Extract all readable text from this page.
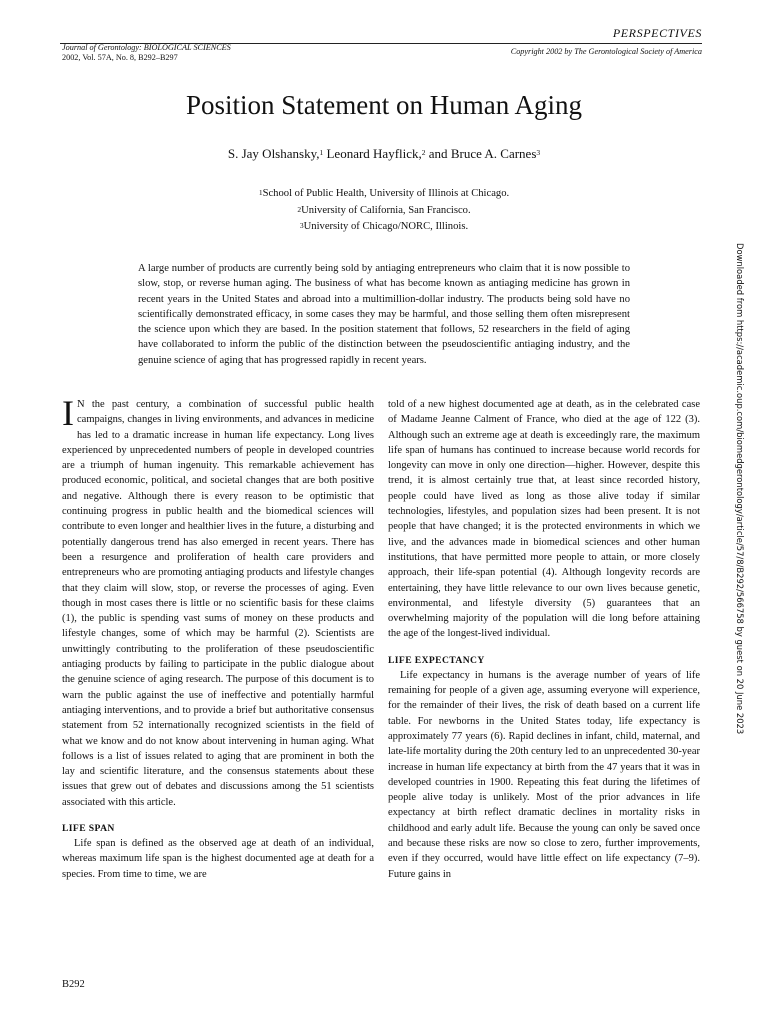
Journal of Gerontology: BIOLOGICAL SCIENCES
2002, Vol. 57A, No. 8, B292–B297
PERSPECTIVES
Copyright 2002 by The Gerontological Society of America
Position Statement on Human Aging
S. Jay Olshansky,$^1$ Leonard Hayflick,$^2$ and Bruce A. Carnes$^3$
$^1$School of Public Health, University of Illinois at Chicago.
$^2$University of California, San Francisco.
$^3$University of Chicago/NORC, Illinois.
A large number of products are currently being sold by antiaging entrepreneurs who claim that it is now possible to slow, stop, or reverse human aging. The business of what has become known as antiaging medicine has grown in recent years in the United States and abroad into a multimillion-dollar industry. The products being sold have no scientifically demonstrated efficacy, in some cases they may be harmful, and those selling them often misrepresent the science upon which they are based. In the position statement that follows, 52 researchers in the field of aging have collaborated to inform the public of the distinction between the pseudoscientific antiaging industry, and the genuine science of aging that has progressed rapidly in recent years.

I N the past century, a combination of successful public health campaigns, changes in living environments, and advances in medicine has led to a dramatic increase in human life expectancy. Long lives experienced by unprecedented numbers of people in developed countries are a triumph of human ingenuity. This remarkable achievement has produced economic, political, and societal changes that are both positive and negative. Although there is every reason to be optimistic that continuing progress in public health and the biomedical sciences will contribute to even longer and healthier lives in the future, a disturbing and potentially dangerous trend has also emerged in recent years. There has been a resurgence and proliferation of health care providers and entrepreneurs who are promoting antiaging products and lifestyle changes that they claim will slow, stop, or reverse the processes of aging. Even though in most cases there is little or no scientific basis for these claims (1), the public is spending vast sums of money on these products and lifestyle changes, some of which may be harmful (2). Scientists are unwittingly contributing to the proliferation of these pseudoscientific antiaging products by failing to participate in the public dialogue about the genuine science of aging research. The purpose of this document is to warn the public against the use of ineffective and potentially harmful antiaging interventions, and to provide a brief but authoritative consensus statement from 52 internationally recognized scientists in the field of what we know and do not know about intervening in human aging. What follows is a list of issues related to aging that are prominent in both the lay and scientific literature, and the consensus statements about these issues that grew out of debates and discussions among the 51 scientists associated with this article.

LIFE SPAN

Life span is defined as the observed age at death of an individual, whereas maximum life span is the highest documented age at death for a species. From time to time, we are

told of a new highest documented age at death, as in the celebrated case of Madame Jeanne Calment of France, who died at the age of 122 (3). Although such an extreme age at death is exceedingly rare, the maximum life span of humans has continued to increase because world records for longevity can move in only one direction—higher. However, despite this trend, it is almost certainly true that, at least since recorded history, people could have lived as long as those alive today if similar technologies, lifestyles, and population sizes had been present. It is not people that have changed; it is the protected environments in which we live, and the advances made in biomedical sciences and other human institutions, that have permitted more people to attain, or more closely approach, their life-span potential (4). Although longevity records are entertaining, they have little relevance to our own lives because genetic, environmental, and lifestyle diversity (5) guarantees that an overwhelming majority of the population will die long before attaining the age of the longest-lived individual.

LIFE EXPECTANCY

Life expectancy in humans is the average number of years of life remaining for people of a given age, assuming everyone will experience, for the remainder of their lives, the risk of death based on a current life table. For newborns in the United States today, life expectancy is approximately 77 years (6). Rapid declines in infant, child, maternal, and late-life mortality during the 20th century led to an unprecedented 30-year increase in human life expectancy at birth from the 47 years that it was in developed countries in 1900. Repeating this feat during the lifetimes of people alive today is unlikely. Most of the prior advances in life expectancy at birth reflect dramatic declines in mortality risks in childhood and early adult life. Because the young can only be saved once and because these risks are now so close to zero, further improvements, even if they occurred, would have little effect on life expectancy (7–9). Future gains in

Downloaded from https://academic.oup.com/biomedgerontology/article/57/8/B292/566758 by guest on 20 June 2023
B292
